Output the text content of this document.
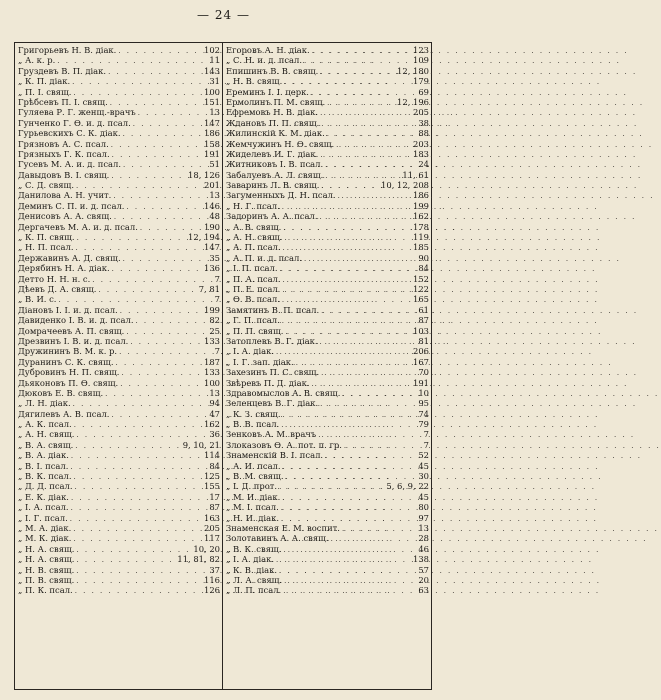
— 24 —
Григорьевъ Н. В. діак. . . .	102
„ А. к. р. . . .	11
Груздевъ В. П. діак. . . .	143
„ К. П. діак. . . .	31
„ П. І. свящ. . . .	100
Грѣбсевъ П. І. свящ. . . .	151
Гуляева Р. Г. женщ.-врачъ . . .	13
Гунченко Г. Ө. и. д. псал. . . .	147
Гурьевскихъ С. К. діак. . . .	186
Грязновъ А. С. псал. . . .	158
Грязныхъ Г. К. псал. . . .	191
Гусевъ М. А. и. д. псал. . . .	51
Давыдовъ В. І. свящ. . . .	18, 126
„ С. Д. свящ. . . .	201
Данилова А. Н. учит. . . .	13
Деминъ С. П. и. д. псал. . . .	146
Денисовъ А. А. свящ. . . .	48
Дергачевъ М. А. и. д. псал. . . .	190
„ К. П. свящ. . . .	12, 194
„ Н. П. псал. . . .	147
Державинъ А. Д. свящ. . . .	35
Дерябинъ Н. А. діак. . . .	136
Детто Н. Н. н. с. . . .	7
Дѣевъ Д. А. свящ. . . .	7, 81
„ В. И. с. . . .	7
Діановъ І. І. и. д. псал. . . .	199
Давиденко І. В. и. д. псал. . . .	82
Домрачеевъ А. П. свящ. . . .	25
Дрезвинъ І. В. и. д. псал. . . .	133
Дружининъ В. М. к. р. . . .	7
Дуранинъ С. К. свящ. . . .	187
Дубровинъ Н. П. свящ. . . .	133
Дьяконовъ П. Ө. свящ. . . .	100
Дюковъ Е. В. свящ. . . .	13
„ Л. Н. діак. . . .	94
Дягилевъ А. В. псал. . . .	47
„ А. К. псал. . . .	162
„ А. Н. свящ. . . .	36
„ В. А. свящ. . . .	9, 10, 21
„ В. А. діак. . . .	114
„ В. І. псал. . . .	84
„ В. К. псал. . . .	125
„ Д. Д. псал. . . .	155
„ Е. К. діак. . . .	17
„ І. А. псал. . . .	87
„ І. Г. псал. . . .	163
„ М. А. діак. . . .	205
„ М. К. діак. . . .	117
„ Н. А. свящ. . . .	10, 20
„ Н. А. свящ. . . .	11, 81, 82
„ Н. В. свящ. . . .	37
„ П. В. свящ. . . .	116
„ П. К. псал. . . .	126
Егоровъ А. Н. діак. . . .	123
„ С. Н. и. д. псал. . . .	109
Епишинъ В. В. свящ. . . .	12, 180
„ Н. В. свящ. . . .	179
Ереминъ І. І. церк. . . .	69
Ермолинъ П. М. свящ. . . .	12, 196
Ефремовъ Н. В. діак. . . .	205
Ждановъ П. П. свящ. . . .	38
Жилинскій К. М. діак. . . .	88
Жемчужинъ Н. Ө. свящ. . . .	203
Жиделевъ И. Г. діак. . . .	183
Житниковъ І. В. псал. . . .	24
Забалуевъ А. Л. свящ. . . .	11, 61
Заваринъ Л. В. свящ. . . .	10, 12, 208
Загуменныхъ Д. Н. псал. . . .	186
„ Н. Г. псал. . . .	199
Задоринъ А. А. псал. . . .	162
„ А. В. свящ. . . .	178
„ А. Н. свящ. . . .	119
„ А. П. псал. . . .	185
„ А. П. и. д. псал. . . .	90
„ І. П. псал. . . .	84
„ П. А. псал. . . .	152
„ П. Е. псал. . . .	122
„ Ө. В. псал. . . .	165
Замятинъ В. П. псал. . . .	61
„ Г. П. псал. . . .	87
„ П. П. свящ. . . .	103
Затоплевъ В. Г. діак. . . .	81
„ І. А. діак. . . .	206
„ І. Г. зап. діак. . . .	167
Захезинъ П. С. свящ. . . .	70
Звѣревъ П. Д. діак. . . .	191
Здравомыслов А. В. свящ. . . .	10
Зеленцевъ В. Г. діак. . . .	95
„ К. З. свящ. . . .	74
„ В. В. псал. . . .	79
Зенковъ А. М. врачъ . . .	7
Злоказовъ Ө. А. пот. п. гр. . . .	7
Знаменскій В. І. псал. . . .	52
„ А. И. псал. . . .	45
„ В. М. свящ. . . .	30
„ І. Д. прот. . . .	5, 6, 9, 22
„ М. И. діак. . . .	45
„ М. І. псал. . . .	80
„ Н. И. діак. . . .	97
Знаменская Е. М. воспит. . . .	13
Золотавинъ А. А. свящ. . . .	28
„ В. К. свящ. . . .	46
„ І. А. діак. . . .	138
„ К. В. діак. . . .	57
„ Л. А. свящ. . . .	20
„ Л. П. псал. . . .	63
